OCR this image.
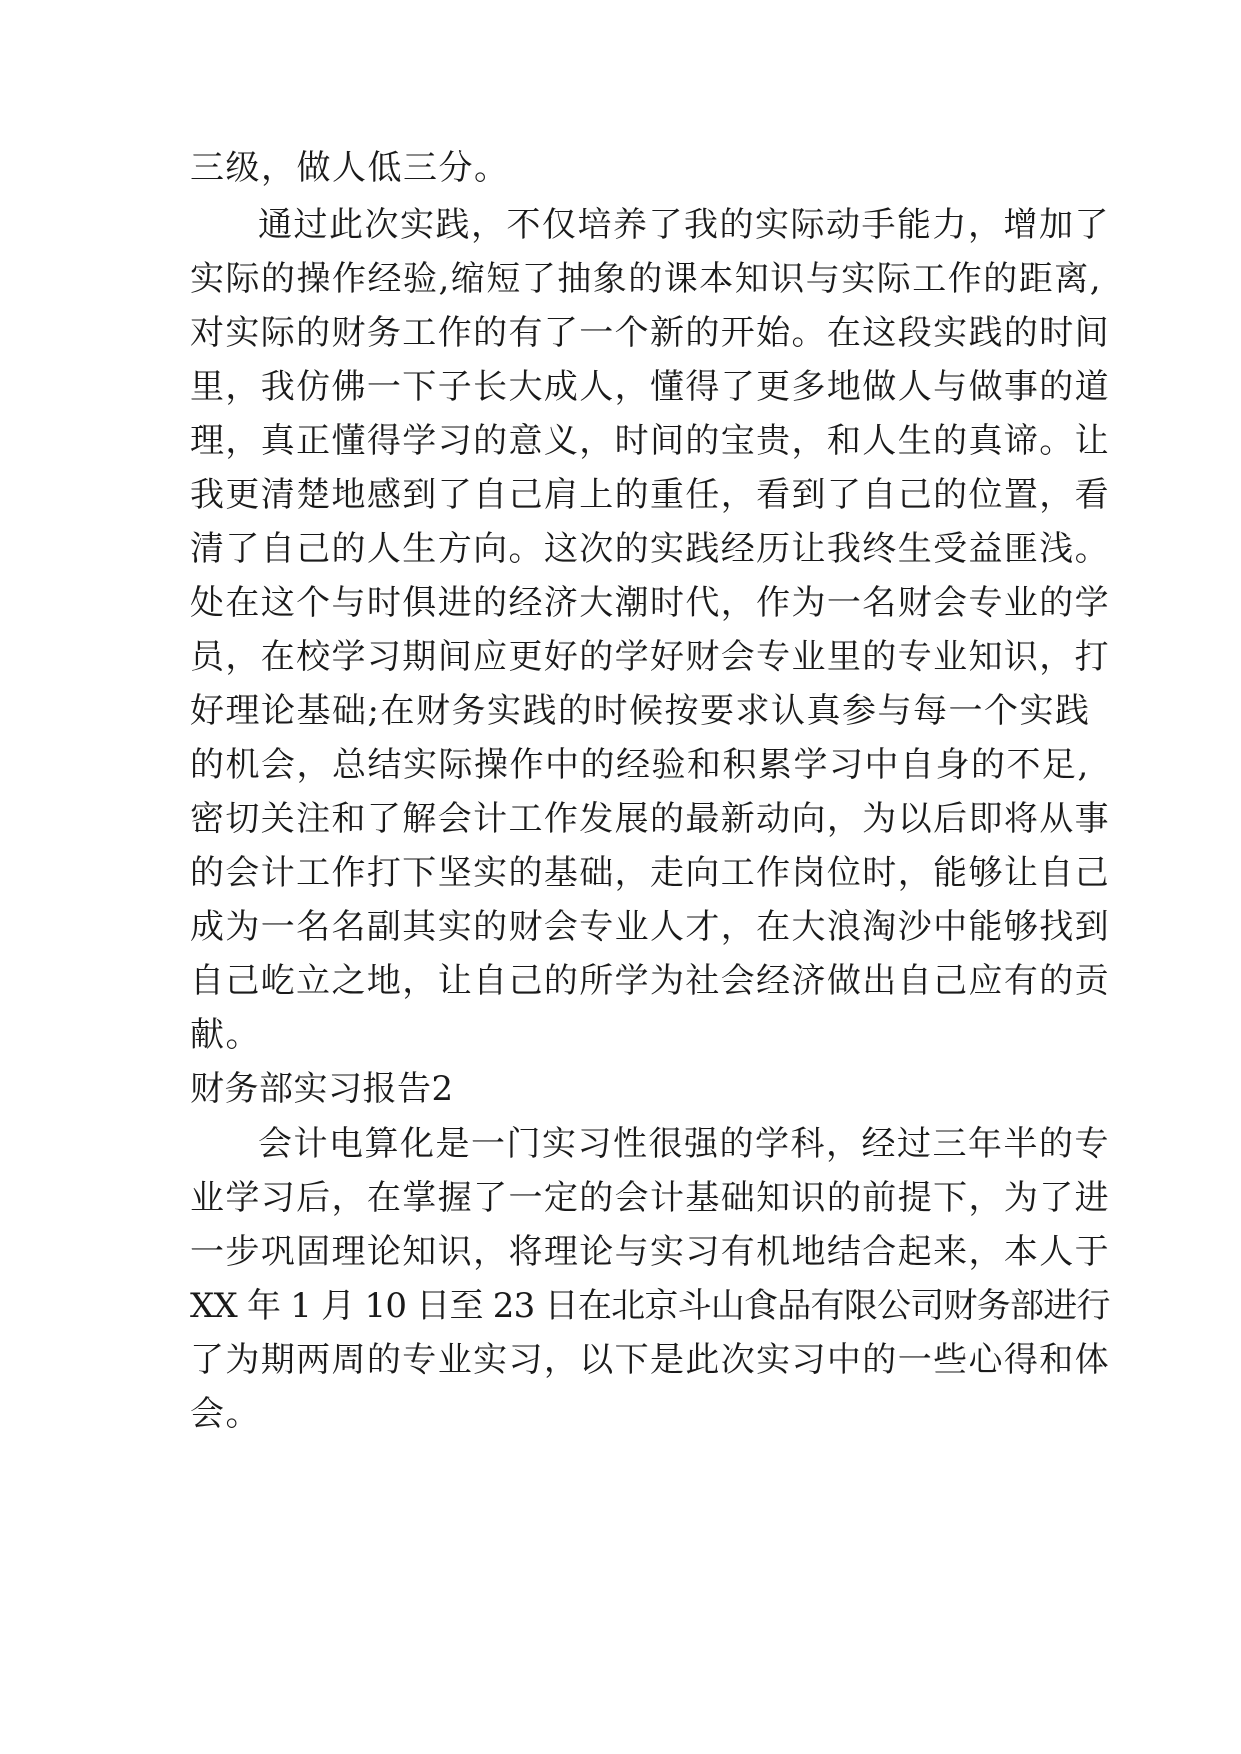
三级，做人低三分。
通过此次实践，不仅培养了我的实际动手能力，增加了
实际的操作经验,缩短了抽象的课本知识与实际工作的距离,
对实际的财务工作的有了一个新的开始。在这段实践的时间
里，我仿佛一下子长大成人，懂得了更多地做人与做事的道
理，真正懂得学习的意义，时间的宝贵，和人生的真谛。让
我更清楚地感到了自己肩上的重任，看到了自己的位置，看
清了自己的人生方向。这次的实践经历让我终生受益匪浅。
处在这个与时俱进的经济大潮时代，作为一名财会专业的学
员，在校学习期间应更好的学好财会专业里的专业知识，打
好理论基础;在财务实践的时候按要求认真参与每一个实践
的机会，总结实际操作中的经验和积累学习中自身的不足,
密切关注和了解会计工作发展的最新动向，为以后即将从事
的会计工作打下坚实的基础，走向工作岗位时，能够让自己
成为一名名副其实的财会专业人才，在大浪淘沙中能够找到
自己屹立之地，让自己的所学为社会经济做出自己应有的贡
献。
财务部实习报告2
会计电算化是一门实习性很强的学科，经过三年半的专
业学习后，在掌握了一定的会计基础知识的前提下，为了进
一步巩固理论知识，将理论与实习有机地结合起来，本人于
XX 年 1 月 10 日至 23 日在北京斗山食品有限公司财务部进行
了为期两周的专业实习，以下是此次实习中的一些心得和体
会。
